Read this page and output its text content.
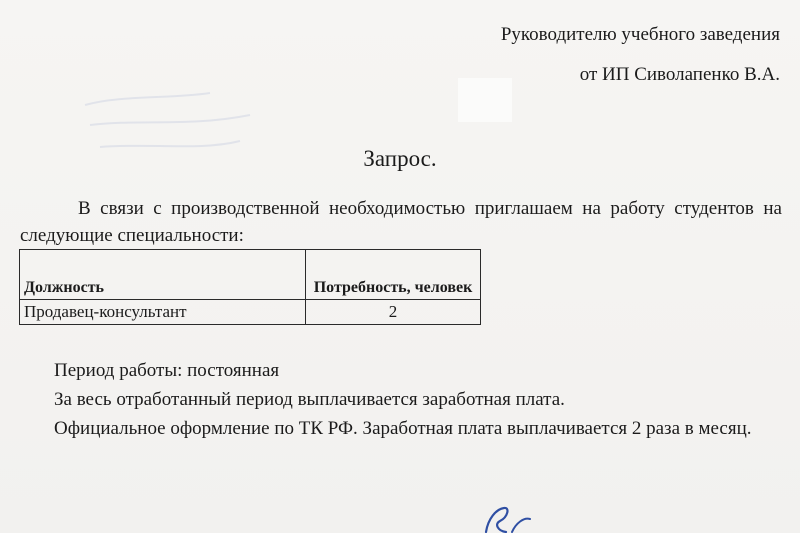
Руководителю учебного заведения
от ИП Сиволапенко В.А.
Запрос.
В связи с производственной необходимостью приглашаем на работу студентов на следующие специальности:
Должность	Потребность, человек
Продавец-консультант	2

Период работы: постоянная

За весь отработанный период выплачивается заработная плата.

Официальное оформление по ТК РФ. Заработная плата выплачивается 2 раза в месяц.
